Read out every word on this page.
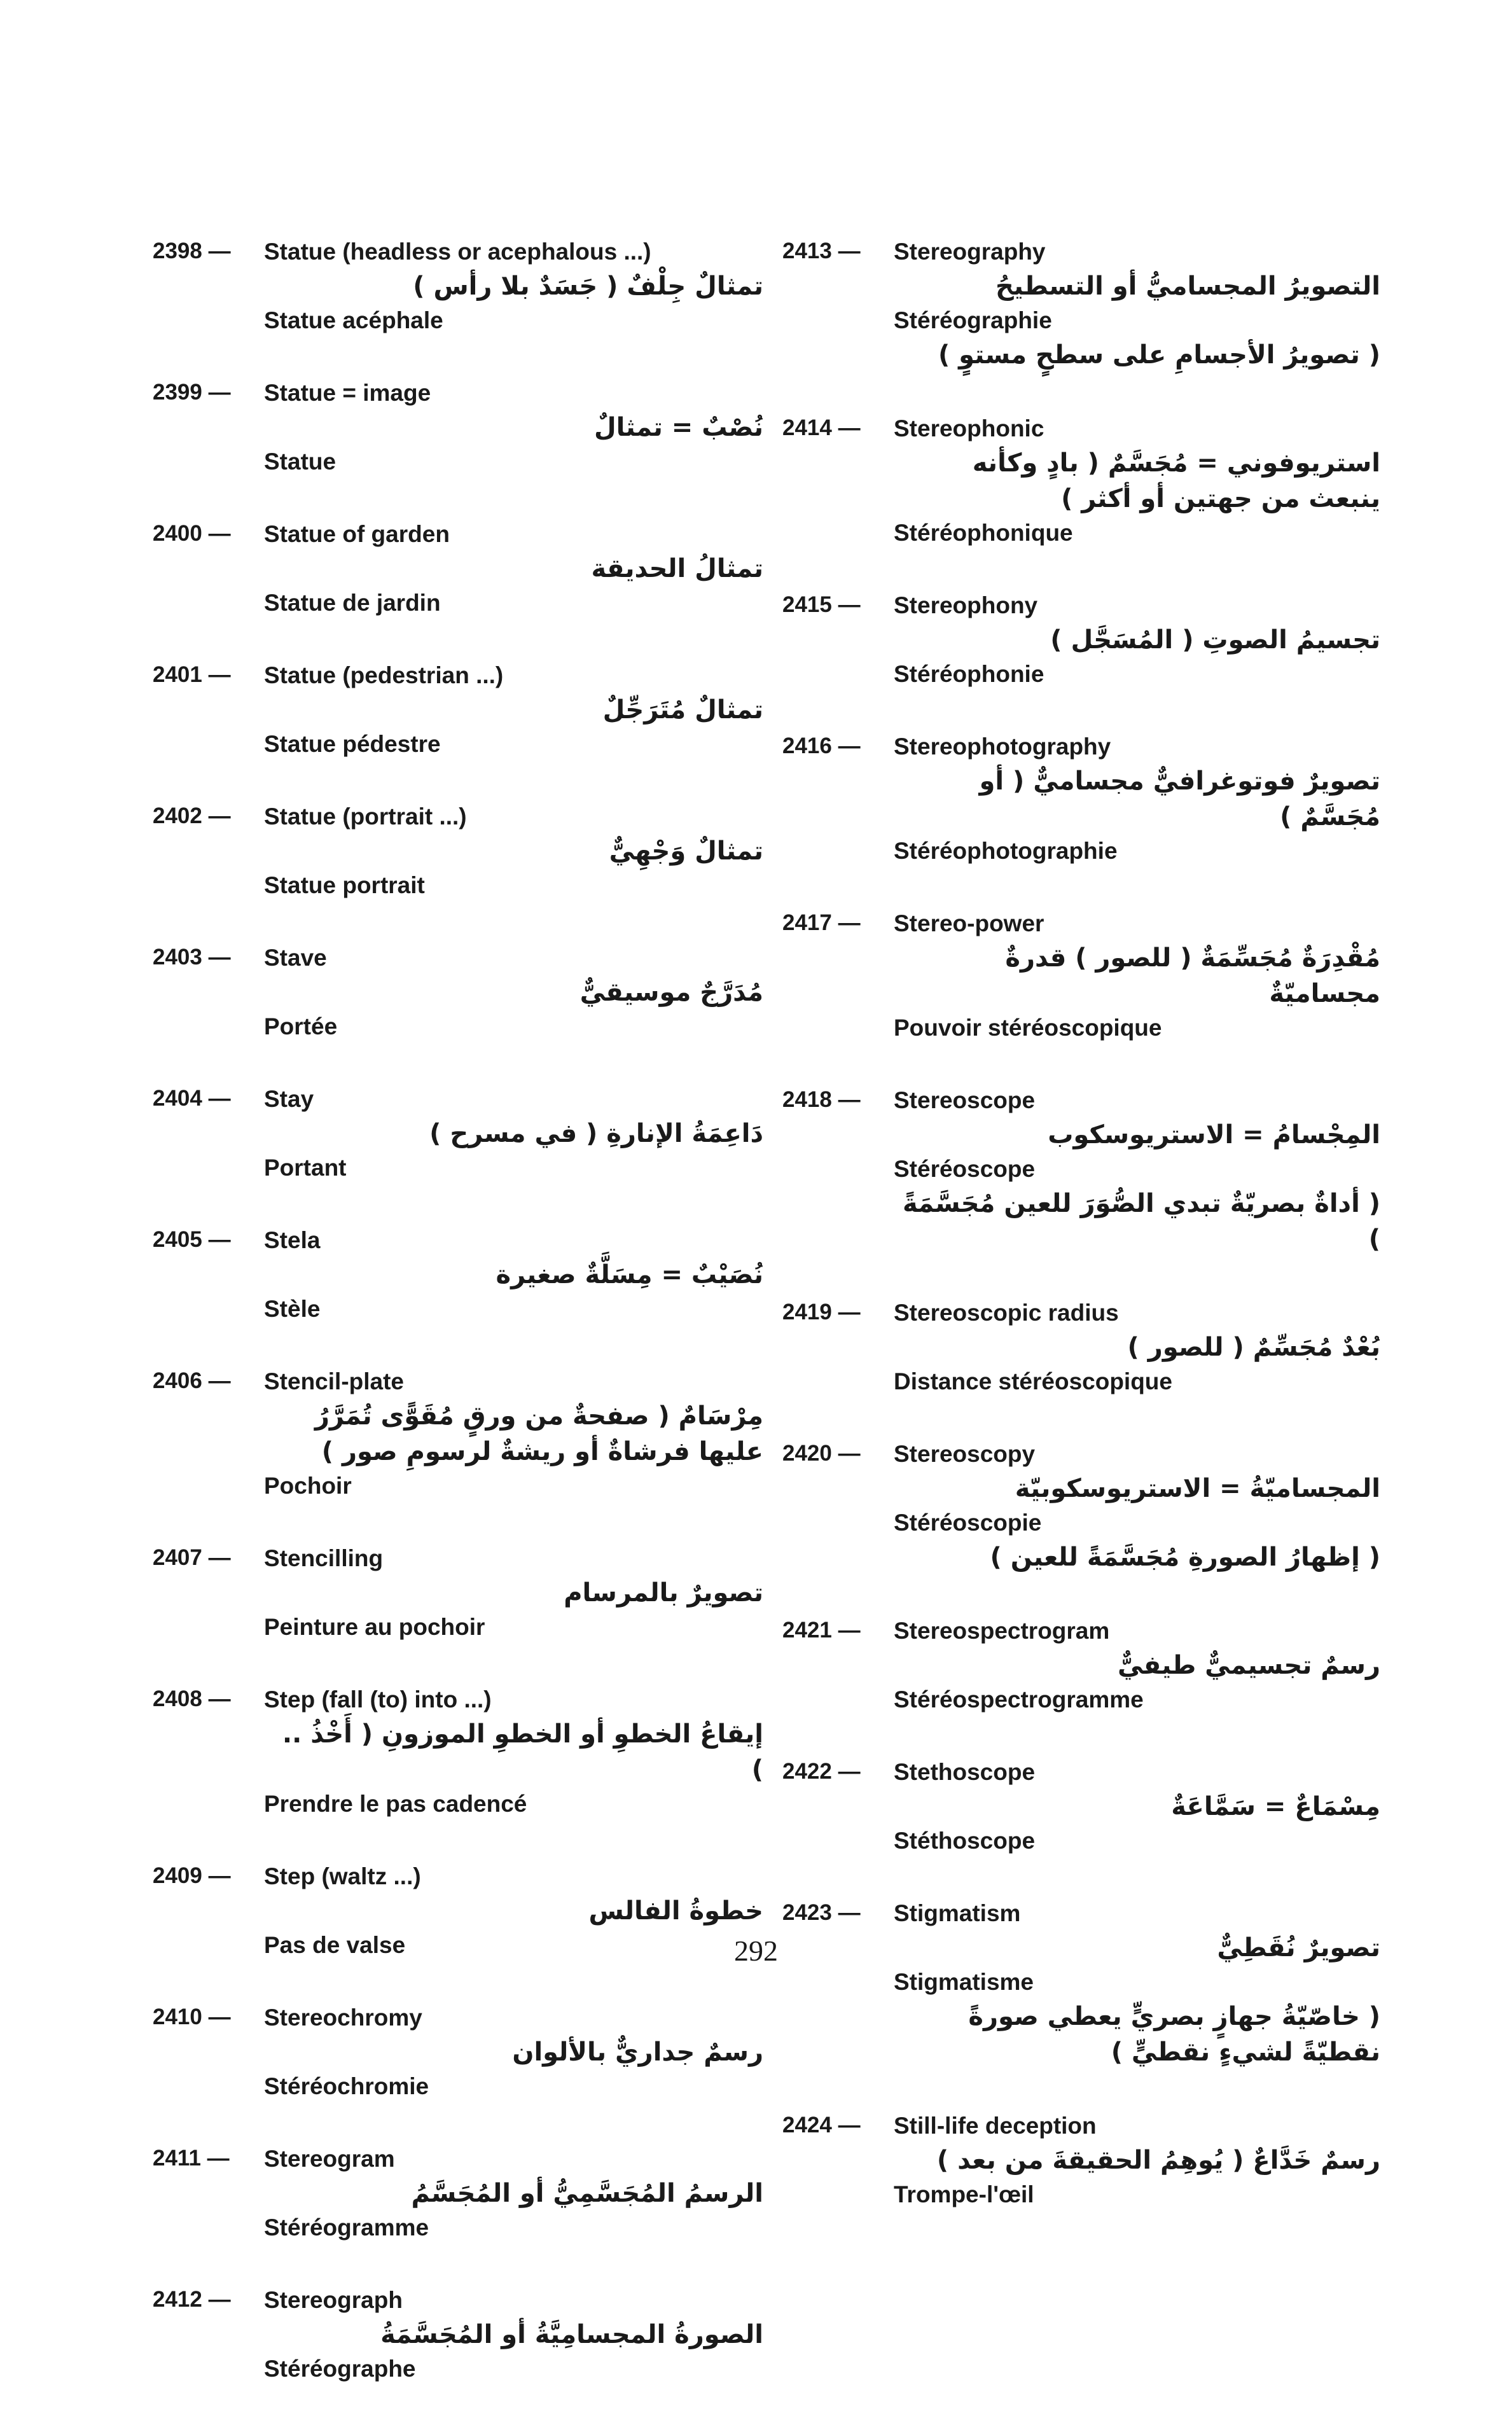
2398 —	Statue (headless or acephalous ...)
تمثالٌ جِلْفٌ ( جَسَدٌ بلا رأس )
Statue acéphale
2399 —	Statue = image
نُصْبٌ = تمثالٌ
Statue
2400 —	Statue of garden
تمثالُ الحديقة
Statue de jardin
2401 —	Statue (pedestrian ...)
تمثالٌ مُتَرَجِّلٌ
Statue pédestre
2402 —	Statue (portrait ...)
تمثالٌ وَجْهِيٌّ
Statue portrait
2403 —	Stave
مُدَرَّجٌ موسيقيٌّ
Portée
2404 —	Stay
دَاعِمَةُ الإنارةِ ( في مسرح )
Portant
2405 —	Stela
نُصَيْبٌ = مِسَلَّةٌ صغيرة
Stèle
2406 —	Stencil-plate
مِرْسَامٌ ( صفحةٌ من ورقٍ مُقَوًّى تُمَرَّرُ عليها فرشاةٌ أو ريشةٌ لرسومِ صور )
Pochoir
2407 —	Stencilling
تصويرٌ بالمرسام
Peinture au pochoir
2408 —	Step (fall (to) into ...)
إيقاعُ الخطوِ أو الخطوِ الموزونِ ( أَخْذُ .. )
Prendre le pas cadencé
2409 —	Step (waltz ...)
خطوةُ الفالس
Pas de valse
2410 —	Stereochromy
رسمٌ جداريٌّ بالألوان
Stéréochromie
2411 —	Stereogram
الرسمُ المُجَسَّمِيُّ أو المُجَسَّمُ
Stéréogramme
2412 —	Stereograph
الصورةُ المجسامِيَّةُ أو المُجَسَّمَةُ
Stéréographe
2413 —	Stereography
التصويرُ المجساميُّ أو التسطيحُ
Stéréographie
( تصويرُ الأجسامِ على سطحٍ مستوٍ )
2414 —	Stereophonic
استريوفوني = مُجَسَّمٌ ( بادٍ وكأنه ينبعث من جهتين أو أكثر )
Stéréophonique
2415 —	Stereophony
تجسيمُ الصوتِ ( المُسَجَّل )
Stéréophonie
2416 —	Stereophotography
تصويرٌ فوتوغرافيٌّ مجساميٌّ ( أو مُجَسَّمٌ )
Stéréophotographie
2417 —	Stereo-power
مُقْدِرَةٌ مُجَسِّمَةٌ ( للصور ) قدرةٌ مجساميّةٌ
Pouvoir stéréoscopique
2418 —	Stereoscope
المِجْسامُ = الاستريوسكوب
Stéréoscope
( أداةٌ بصريّةٌ تبدي الصُّوَرَ للعين مُجَسَّمَةً )
2419 —	Stereoscopic radius
بُعْدٌ مُجَسِّمٌ ( للصور )
Distance stéréoscopique
2420 —	Stereoscopy
المجساميّةُ = الاستريوسكوبيّة
Stéréoscopie
( إظهارُ الصورةِ مُجَسَّمَةً للعين )
2421 —	Stereospectrogram
رسمٌ تجسيميٌّ طيفيٌّ
Stéréospectrogramme
2422 —	Stethoscope
مِسْمَاعٌ = سَمَّاعَةٌ
Stéthoscope
2423 —	Stigmatism
تصويرٌ نُقَطِيٌّ
Stigmatisme
( خاصّيّةُ جهازٍ بصريٍّ يعطي صورةً نقطيّةً لشيءٍ نقطيٍّ )
2424 —	Still-life deception
رسمٌ خَدَّاعٌ ( يُوهِمُ الحقيقةَ من بعد )
Trompe-l'œil
292
